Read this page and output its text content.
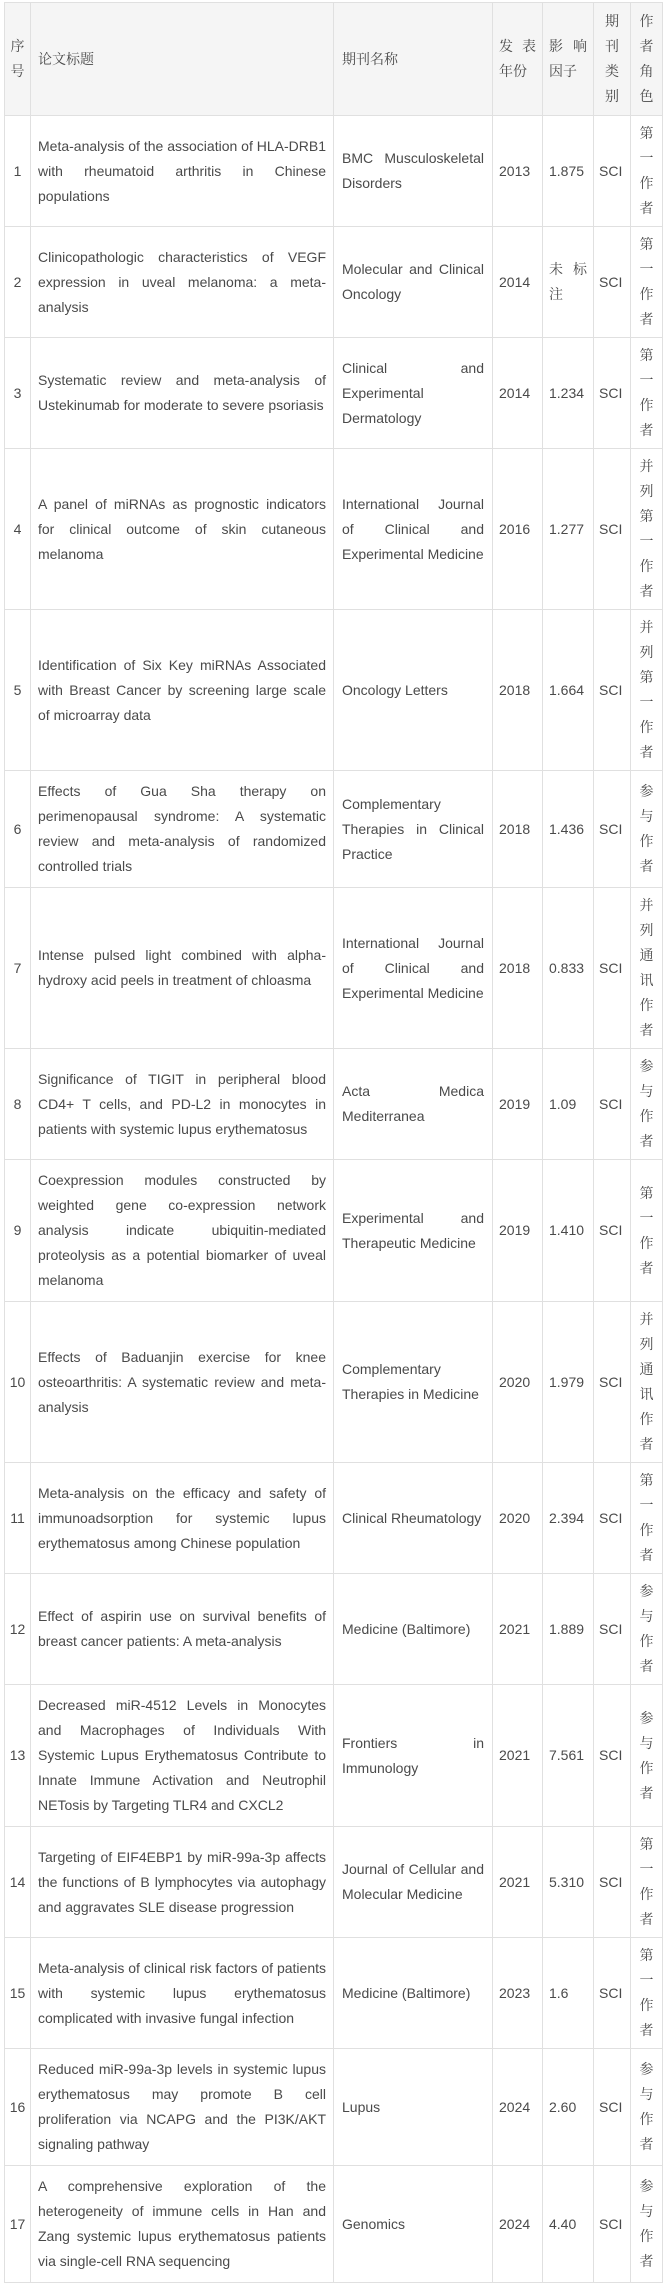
序号	论文标题	期刊名称	发表年份	影响因子	期刊类别	作者角色
1	Meta-analysis of the association of HLA-DRB1 with rheumatoid arthritis in Chinese populations	BMC Musculoskeletal Disorders	2013	1.875	SCI	第一作者
2	Clinicopathologic characteristics of VEGF expression in uveal melanoma: a meta-analysis	Molecular and Clinical Oncology	2014	未标注	SCI	第一作者
3	Systematic review and meta-analysis of Ustekinumab for moderate to severe psoriasis	Clinical and Experimental Dermatology	2014	1.234	SCI	第一作者
4	A panel of miRNAs as prognostic indicators for clinical outcome of skin cutaneous melanoma	International Journal of Clinical and Experimental Medicine	2016	1.277	SCI	并列第一作者
5	Identification of Six Key miRNAs Associated with Breast Cancer by screening large scale of microarray data	Oncology Letters	2018	1.664	SCI	并列第一作者
6	Effects of Gua Sha therapy on perimenopausal syndrome: A systematic review and meta-analysis of randomized controlled trials	Complementary Therapies in Clinical Practice	2018	1.436	SCI	参与作者
7	Intense pulsed light combined with alpha-hydroxy acid peels in treatment of chloasma	International Journal of Clinical and Experimental Medicine	2018	0.833	SCI	并列通讯作者
8	Significance of TIGIT in peripheral blood CD4+ T cells, and PD-L2 in monocytes in patients with systemic lupus erythematosus	Acta Medica Mediterranea	2019	1.09	SCI	参与作者
9	Coexpression modules constructed by weighted gene co-expression network analysis indicate ubiquitin-mediated proteolysis as a potential biomarker of uveal melanoma	Experimental and Therapeutic Medicine	2019	1.410	SCI	第一作者
10	Effects of Baduanjin exercise for knee osteoarthritis: A systematic review and meta-analysis	Complementary Therapies in Medicine	2020	1.979	SCI	并列通讯作者
11	Meta-analysis on the efficacy and safety of immunoadsorption for systemic lupus erythematosus among Chinese population	Clinical Rheumatology	2020	2.394	SCI	第一作者
12	Effect of aspirin use on survival benefits of breast cancer patients: A meta-analysis	Medicine (Baltimore)	2021	1.889	SCI	参与作者
13	Decreased miR-4512 Levels in Monocytes and Macrophages of Individuals With Systemic Lupus Erythematosus Contribute to Innate Immune Activation and Neutrophil NETosis by Targeting TLR4 and CXCL2	Frontiers in Immunology	2021	7.561	SCI	参与作者
14	Targeting of EIF4EBP1 by miR-99a-3p affects the functions of B lymphocytes via autophagy and aggravates SLE disease progression	Journal of Cellular and Molecular Medicine	2021	5.310	SCI	第一作者
15	Meta-analysis of clinical risk factors of patients with systemic lupus erythematosus complicated with invasive fungal infection	Medicine (Baltimore)	2023	1.6	SCI	第一作者
16	Reduced miR-99a-3p levels in systemic lupus erythematosus may promote B cell proliferation via NCAPG and the PI3K/AKT signaling pathway	Lupus	2024	2.60	SCI	参与作者
17	A comprehensive exploration of the heterogeneity of immune cells in Han and Zang systemic lupus erythematosus patients via single-cell RNA sequencing	Genomics	2024	4.40	SCI	参与作者
